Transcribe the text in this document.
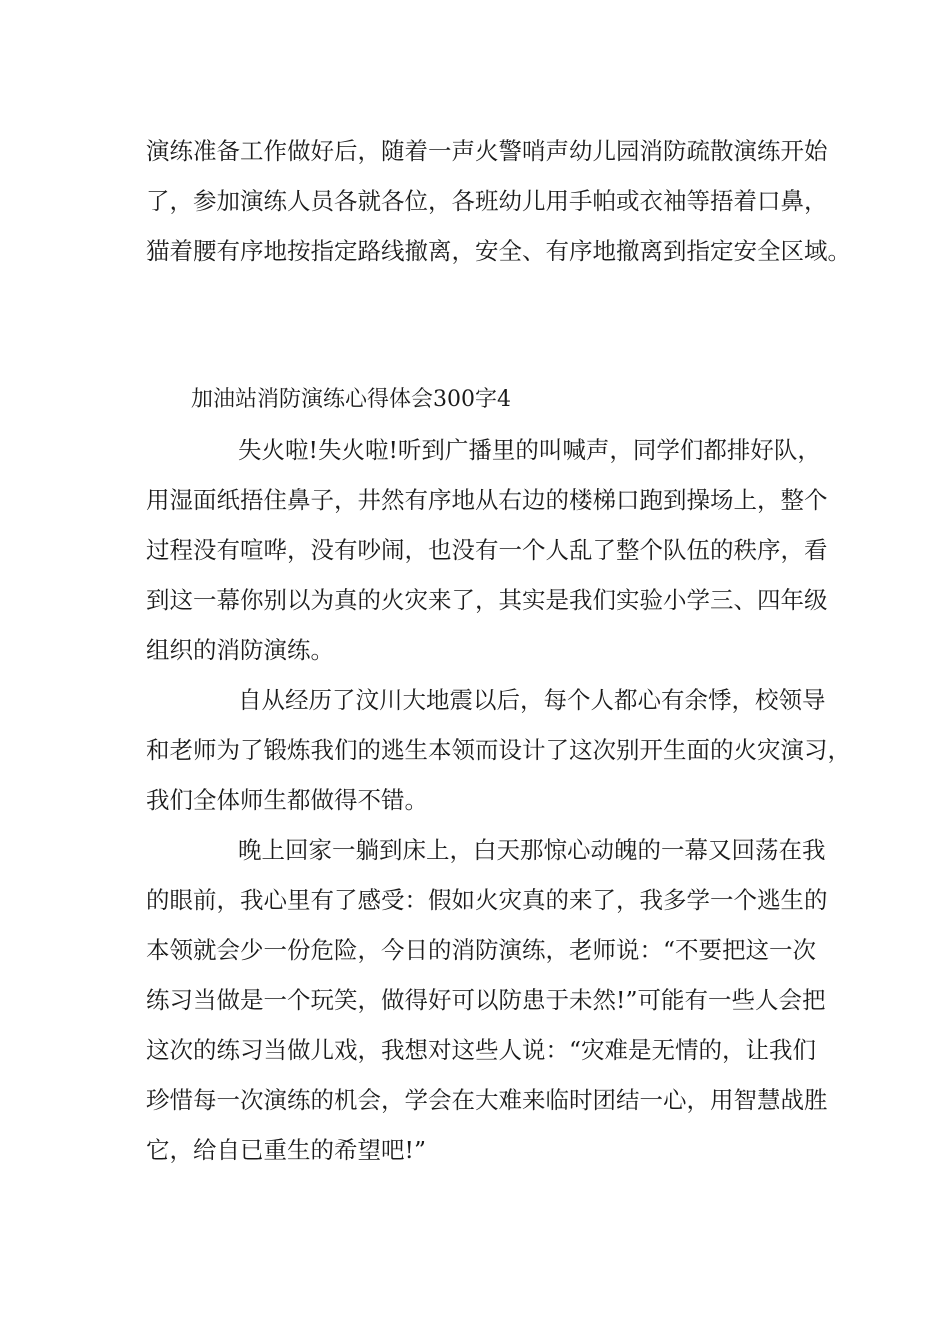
演练准备工作做好后，随着一声火警哨声幼儿园消防疏散演练开始
了，参加演练人员各就各位，各班幼儿用手帕或衣袖等捂着口鼻，
猫着腰有序地按指定路线撤离，安全、有序地撤离到指定安全区域。
加油站消防演练心得体会300字4
失火啦!失火啦!听到广播里的叫喊声，同学们都排好队，
用湿面纸捂住鼻子，井然有序地从右边的楼梯口跑到操场上，整个
过程没有喧哗，没有吵闹，也没有一个人乱了整个队伍的秩序，看
到这一幕你别以为真的火灾来了，其实是我们实验小学三、四年级
组织的消防演练。
自从经历了汶川大地震以后，每个人都心有余悸，校领导
和老师为了锻炼我们的逃生本领而设计了这次别开生面的火灾演习，
我们全体师生都做得不错。
晚上回家一躺到床上，白天那惊心动魄的一幕又回荡在我
的眼前，我心里有了感受：假如火灾真的来了，我多学一个逃生的
本领就会少一份危险，今日的消防演练，老师说：“不要把这一次
练习当做是一个玩笑，做得好可以防患于未然!”可能有一些人会把
这次的练习当做儿戏，我想对这些人说：“灾难是无情的，让我们
珍惜每一次演练的机会，学会在大难来临时团结一心，用智慧战胜
它，给自已重生的希望吧!”
